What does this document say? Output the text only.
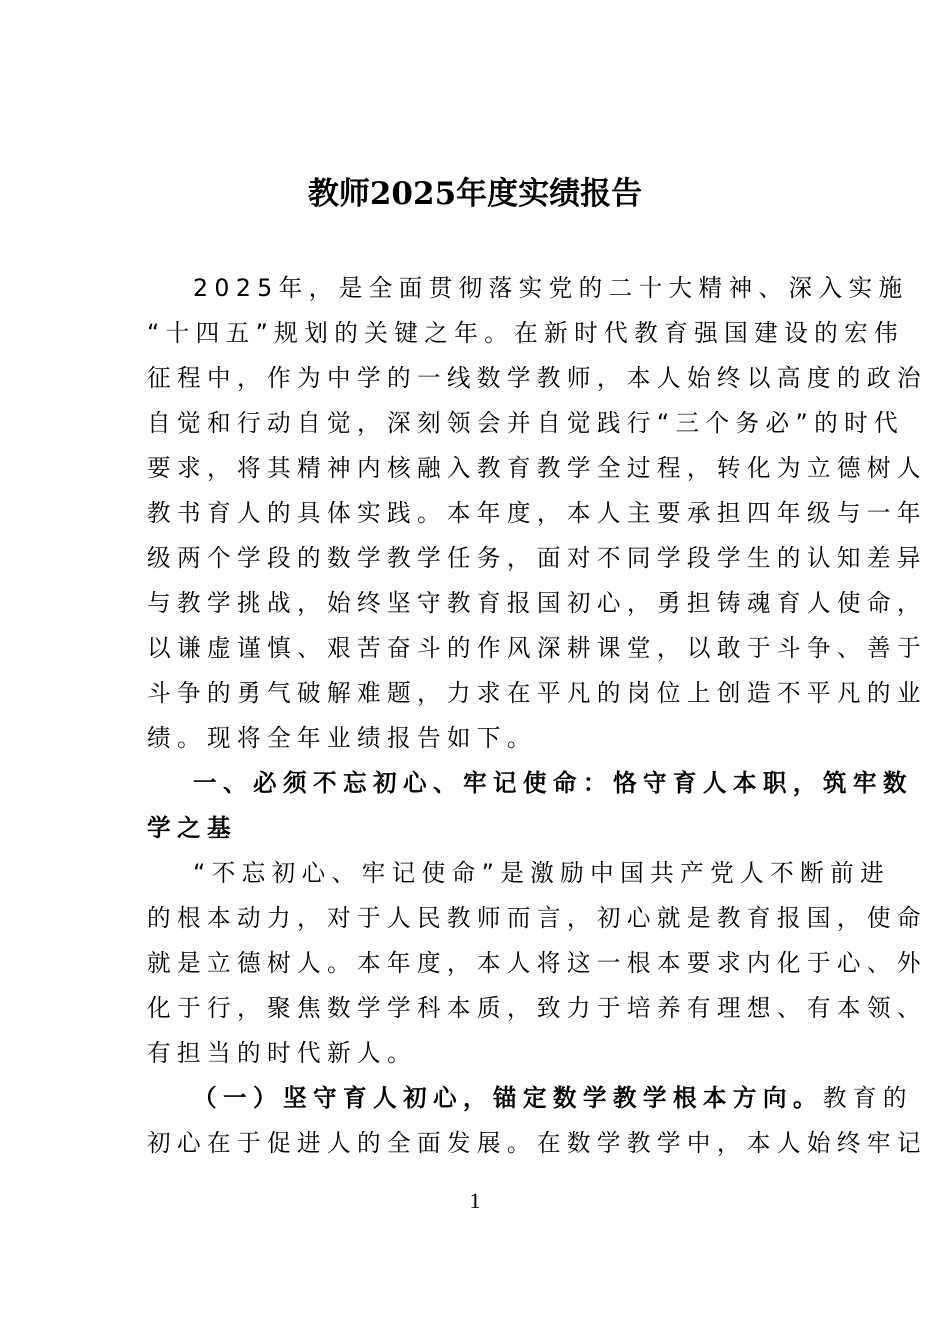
教师2025年度实绩报告
2025年，是全面贯彻落实党的二十大精神、深入实施
“十四五”规划的关键之年。在新时代教育强国建设的宏伟
征程中，作为中学的一线数学教师，本人始终以高度的政治
自觉和行动自觉，深刻领会并自觉践行“三个务必”的时代
要求，将其精神内核融入教育教学全过程，转化为立德树人
教书育人的具体实践。本年度，本人主要承担四年级与一年
级两个学段的数学教学任务，面对不同学段学生的认知差异
与教学挑战，始终坚守教育报国初心，勇担铸魂育人使命，
以谦虚谨慎、艰苦奋斗的作风深耕课堂，以敢于斗争、善于
斗争的勇气破解难题，力求在平凡的岗位上创造不平凡的业
绩。现将全年业绩报告如下。
一、必须不忘初心、牢记使命：恪守育人本职，筑牢数
学之基
“不忘初心、牢记使命”是激励中国共产党人不断前进
的根本动力，对于人民教师而言，初心就是教育报国，使命
就是立德树人。本年度，本人将这一根本要求内化于心、外
化于行，聚焦数学学科本质，致力于培养有理想、有本领、
有担当的时代新人。
（一）坚守育人初心，锚定数学教学根本方向。教育的
初心在于促进人的全面发展。在数学教学中，本人始终牢记
1
